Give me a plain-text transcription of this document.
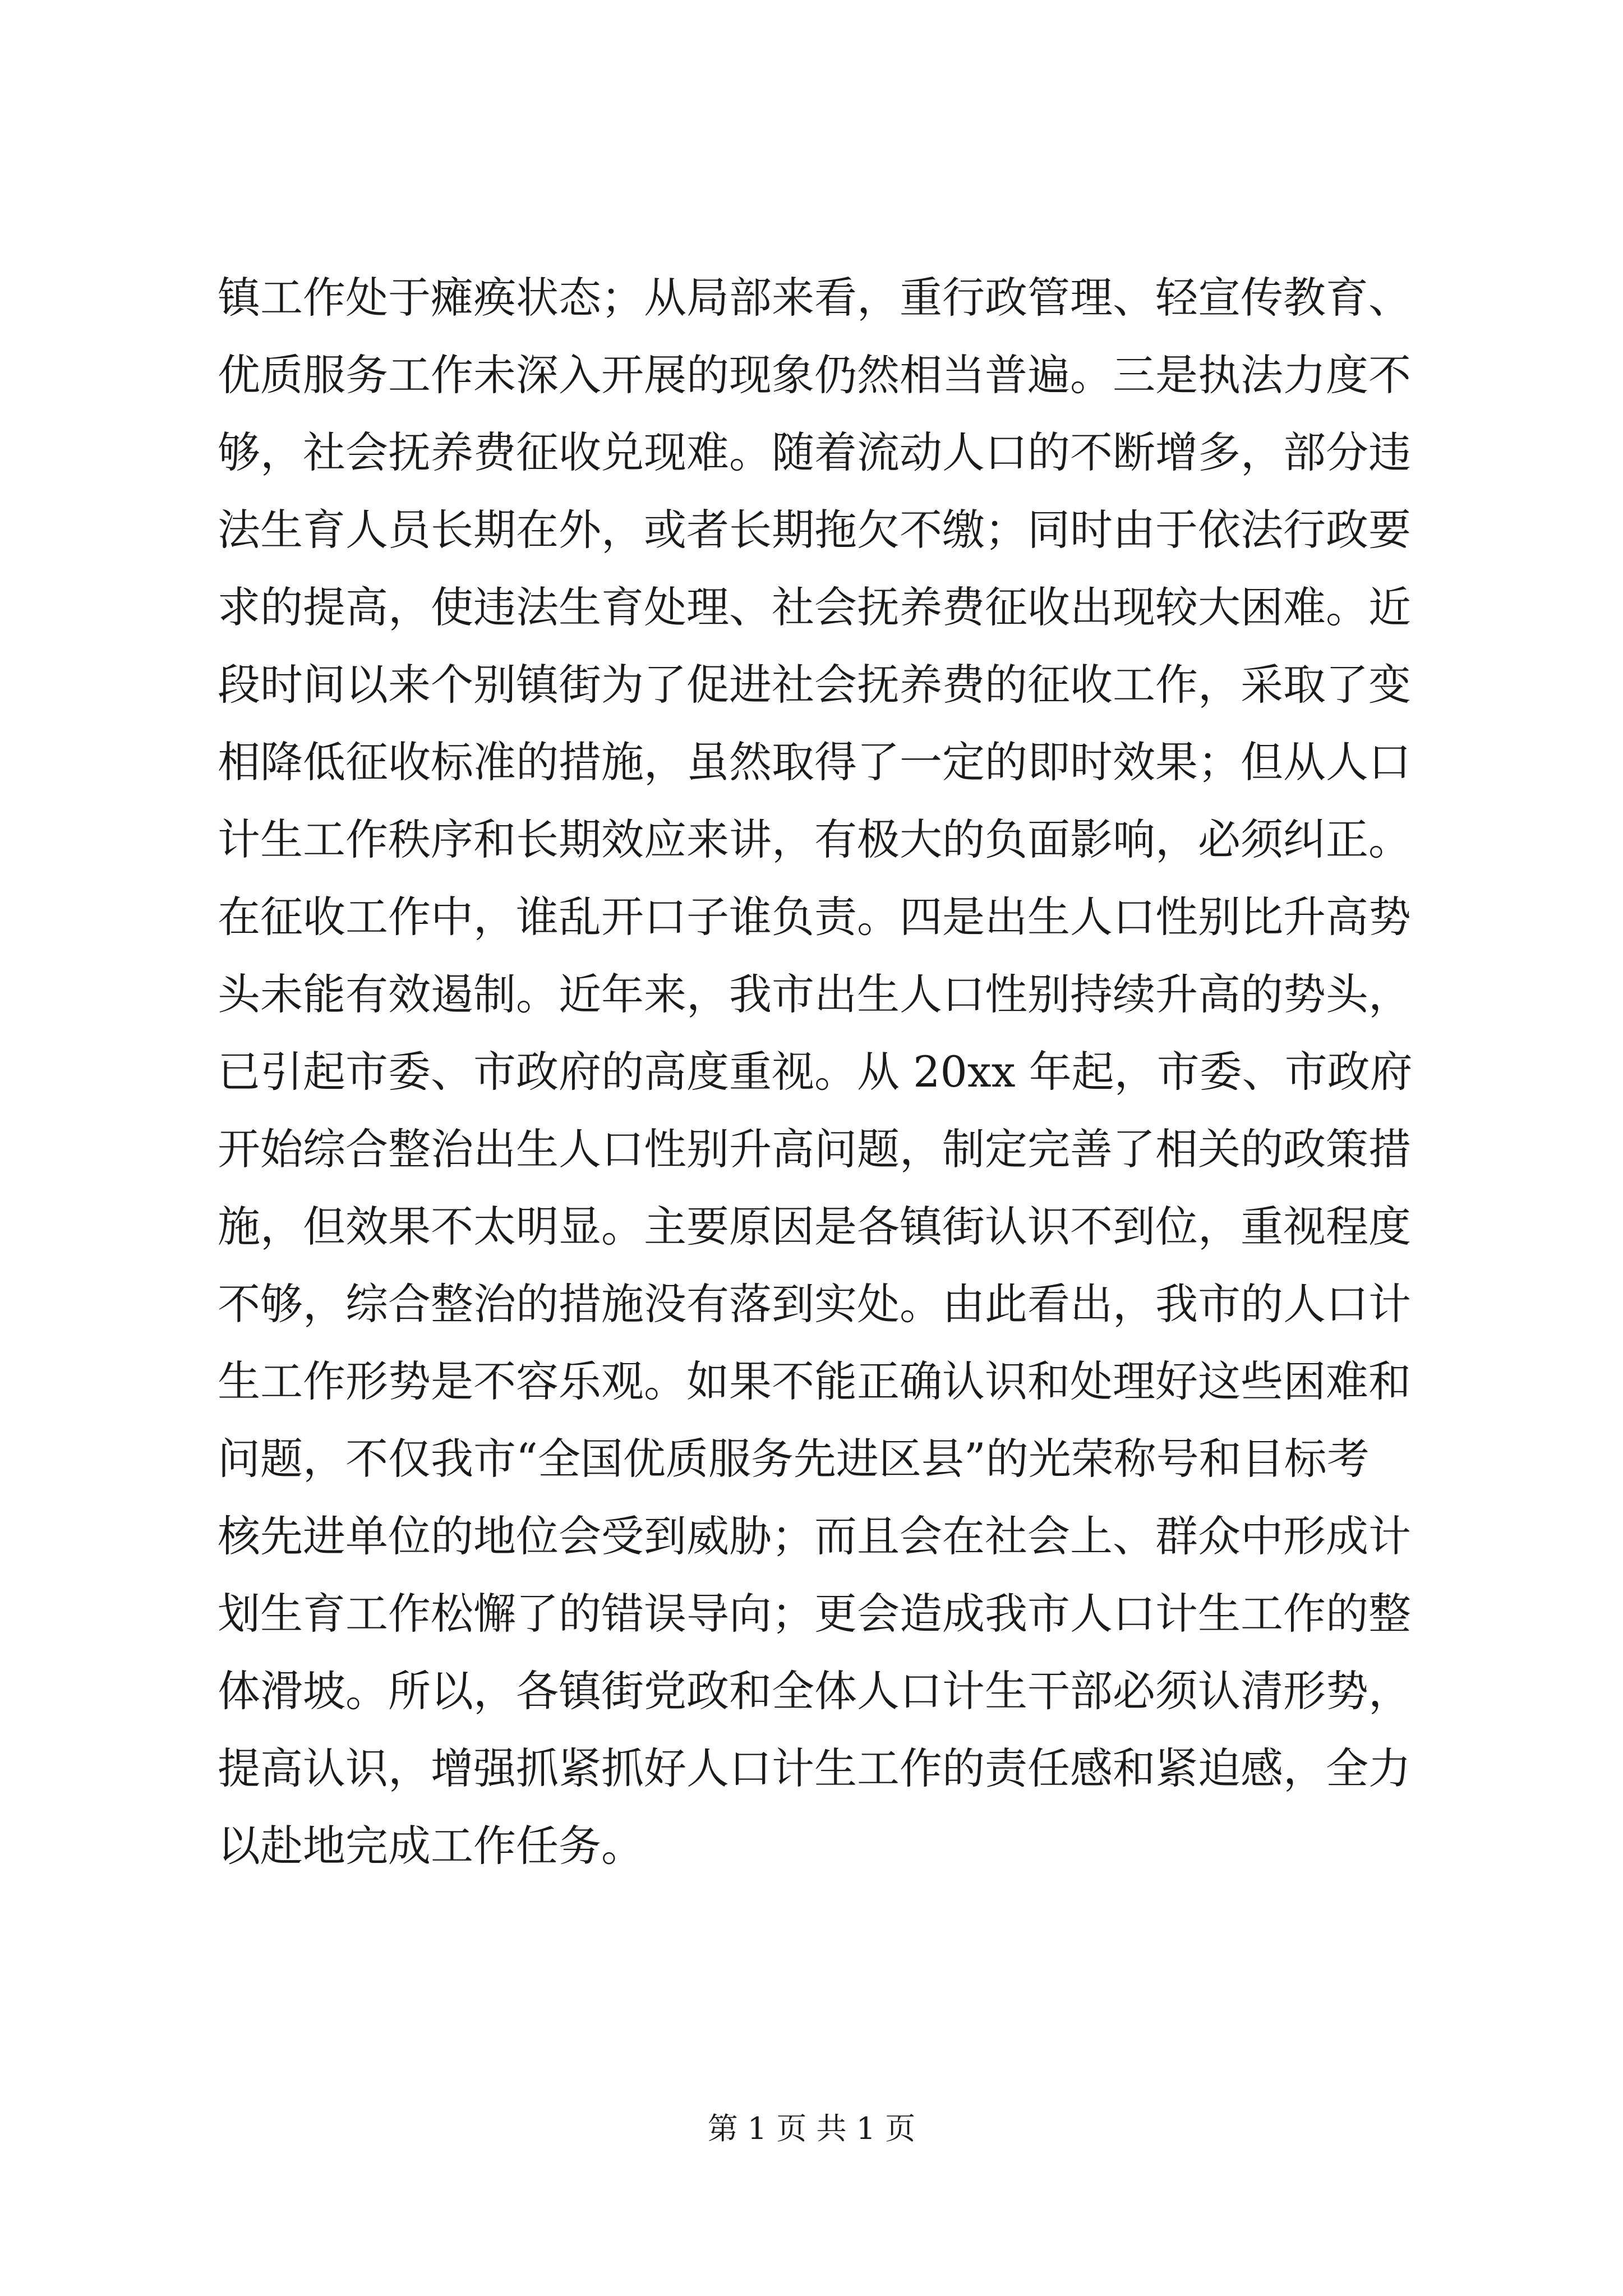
镇工作处于瘫痪状态；从局部来看，重行政管理、轻宣传教育、
优质服务工作未深入开展的现象仍然相当普遍。三是执法力度不
够，社会抚养费征收兑现难。随着流动人口的不断增多，部分违
法生育人员长期在外，或者长期拖欠不缴；同时由于依法行政要
求的提高，使违法生育处理、社会抚养费征收出现较大困难。近
段时间以来个别镇街为了促进社会抚养费的征收工作，采取了变
相降低征收标准的措施，虽然取得了一定的即时效果；但从人口
计生工作秩序和长期效应来讲，有极大的负面影响，必须纠正。
在征收工作中，谁乱开口子谁负责。四是出生人口性别比升高势
头未能有效遏制。近年来，我市出生人口性别持续升高的势头，
已引起市委、市政府的高度重视。从 20xx 年起，市委、市政府
开始综合整治出生人口性别升高问题，制定完善了相关的政策措
施，但效果不太明显。主要原因是各镇街认识不到位，重视程度
不够，综合整治的措施没有落到实处。由此看出，我市的人口计
生工作形势是不容乐观。如果不能正确认识和处理好这些困难和
问题，不仅我市“全国优质服务先进区县”的光荣称号和目标考
核先进单位的地位会受到威胁；而且会在社会上、群众中形成计
划生育工作松懈了的错误导向；更会造成我市人口计生工作的整
体滑坡。所以，各镇街党政和全体人口计生干部必须认清形势，
提高认识，增强抓紧抓好人口计生工作的责任感和紧迫感，全力
以赴地完成工作任务。
第 1 页 共 1 页
